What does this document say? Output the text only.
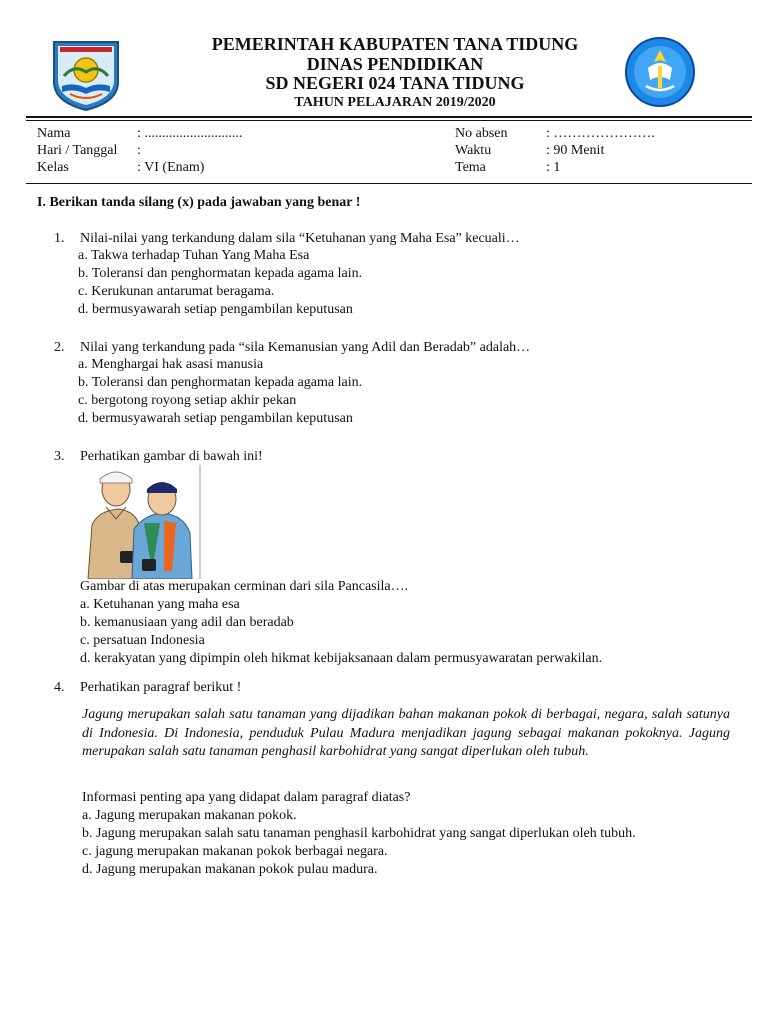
PEMERINTAH KABUPATEN TANA TIDUNG
DINAS PENDIDIKAN
SD NEGERI 024 TANA TIDUNG
TAHUN PELAJARAN 2019/2020
Nama	: ............................
Hari / Tanggal :
Kelas	: VI (Enam)
No absen	: ………………….
Waktu	: 90 Menit
Tema	: 1
I. Berikan tanda silang (x) pada jawaban yang benar !
1. Nilai-nilai yang terkandung dalam sila “Ketuhanan yang Maha Esa” kecuali…
a. Takwa terhadap Tuhan Yang Maha Esa
b. Toleransi dan penghormatan kepada agama lain.
c. Kerukunan antarumat beragama.
d. bermusyawarah setiap pengambilan keputusan
2. Nilai yang terkandung pada “sila Kemanusian yang Adil dan Beradab” adalah…
a. Menghargai hak asasi manusia
b. Toleransi dan penghormatan kepada agama lain.
c. bergotong royong setiap akhir pekan
d. bermusyawarah setiap pengambilan keputusan
3. Perhatikan gambar di bawah ini!
Gambar di atas merupakan cerminan dari sila Pancasila….
a. Ketuhanan yang maha esa
b. kemanusiaan yang adil dan beradab
c. persatuan Indonesia
d. kerakyatan yang dipimpin oleh hikmat kebijaksanaan dalam permusyawaratan perwakilan.
4. Perhatikan paragraf berikut !
Jagung merupakan salah satu tanaman yang dijadikan bahan makanan pokok di berbagai, negara, salah satunya di Indonesia. Di Indonesia, penduduk Pulau Madura menjadikan jagung sebagai makanan pokoknya. Jagung merupakan salah satu tanaman penghasil karbohidrat yang sangat diperlukan oleh tubuh.
Informasi penting apa yang didapat dalam paragraf diatas?
a. Jagung merupakan makanan pokok.
b. Jagung merupakan salah satu tanaman penghasil karbohidrat yang sangat diperlukan oleh tubuh.
c. jagung merupakan makanan pokok berbagai negara.
d. Jagung merupakan makanan pokok pulau madura.
